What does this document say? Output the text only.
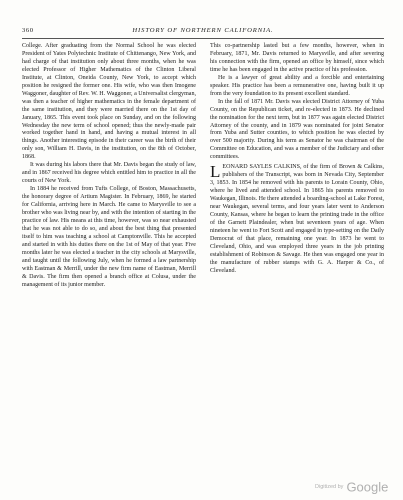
360	HISTORY OF NORTHERN CALIFORNIA.

College. After graduating from the Normal School he was elected President of Yates Polytechnic Institute of Chittenango, New York, and had charge of that institution only about three months, when he was elected Professor of Higher Mathematics of the Clinton Liberal Institute, at Clinton, Oneida County, New York, to accept which position he resigned the former one. His wife, who was then Imogene Waggoner, daughter of Rev. W. H. Waggoner, a Universalist clergyman, was then a teacher of higher mathematics in the female department of the same institution, and they were married there on the 1st day of January, 1865. This event took place on Sunday, and on the following Wednesday the new term of school opened; thus the newly-made pair worked together hand in hand, and having a mutual interest in all things. Another interesting episode in their career was the birth of their only son, William H. Davis, in the institution, on the 8th of October, 1868.

It was during his labors there that Mr. Davis began the study of law, and in 1867 received his degree which entitled him to practice in all the courts of New York.

In 1884 he received from Tufts College, of Boston, Massachusetts, the honorary degree of Artium Magister. In February, 1869, he started for California, arriving here in March. He came to Marysville to see a brother who was living near by, and with the intention of starting in the practice of law. His means at this time, however, was so near exhausted that he was not able to do so, and about the best thing that presented itself to him was teaching a school at Camptonville. This he accepted and started in with his duties there on the 1st of May of that year. Five months later he was elected a teacher in the city schools at Marysville, and taught until the following July, when he formed a law partnership with Eastman & Merrill, under the new firm name of Eastman, Merrill & Davis. The firm then opened a branch office at Colusa, under the management of its junior member.

This co-partnership lasted but a few months, however, when in February, 1871, Mr. Davis returned to Marysville, and after severing his connection with the firm, opened an office by himself, since which time he has been engaged in the active practice of his profession.

He is a lawyer of great ability and a forcible and entertaining speaker. His practice has been a remunerative one, having built it up from the very foundation to its present excellent standard.

In the fall of 1871 Mr. Davis was elected District Attorney of Yuba County, on the Republican ticket, and re-elected in 1873. He declined the nomination for the next term, but in 1877 was again elected District Attorney of the county, and in 1879 was nominated for joint Senator from Yuba and Sutter counties, to which position he was elected by over 500 majority. During his term as Senator he was chairman of the Committee on Education, and was a member of the Judiciary and other committees.

LEONARD SAYLES CALKINS, of the firm of Brown & Calkins, publishers of the Transcript, was born in Nevada City, September 3, 1853. In 1854 he removed with his parents to Lorain County, Ohio, where he lived and attended school. In 1865 his parents removed to Waukegan, Illinois. He there attended a boarding-school at Lake Forest, near Waukegan, several terms, and four years later went to Anderson County, Kansas, where he began to learn the printing trade in the office of the Garnett Plaindealer, when but seventeen years of age. When nineteen he went to Fort Scott and engaged in type-setting on the Daily Democrat of that place, remaining one year. In 1873 he went to Cleveland, Ohio, and was employed three years in the job printing establishment of Robinson & Savage. He then was engaged one year in the manufacture of rubber stamps with G. A. Harper & Co., of Cleveland.

Digitized by Google
